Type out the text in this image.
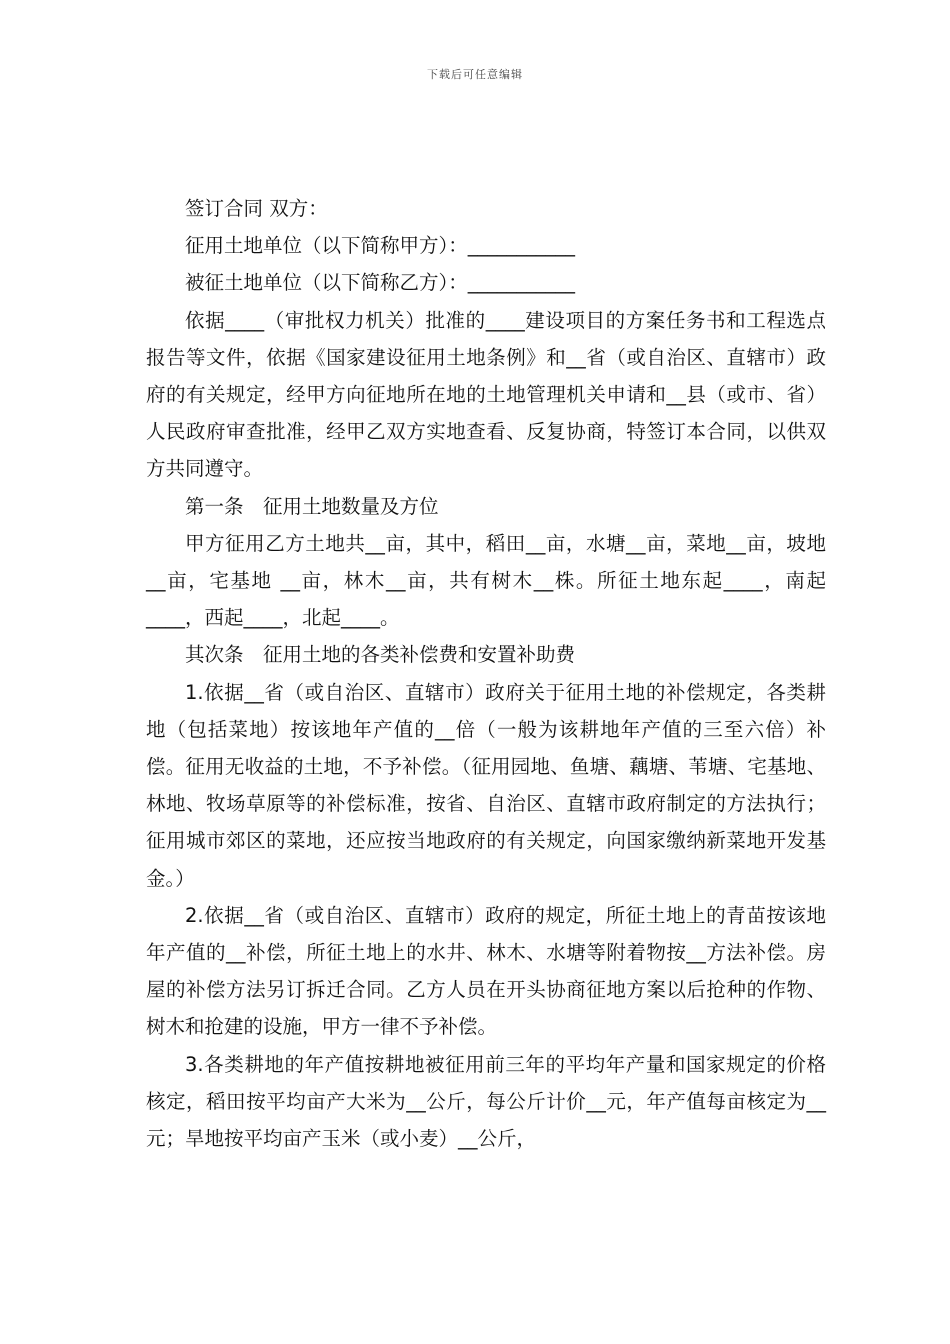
下载后可任意编辑

签订合同 双方：

征用土地单位（以下简称甲方）：___________

被征土地单位（以下简称乙方）：___________

依据____（审批权力机关）批准的____建设项目的方案任务书和工程选点报告等文件，依据《国家建设征用土地条例》和__省（或自治区、直辖市）政府的有关规定，经甲方向征地所在地的土地管理机关申请和__县（或市、省）人民政府审查批准，经甲乙双方实地查看、反复协商，特签订本合同，以供双方共同遵守。

第一条　征用土地数量及方位

甲方征用乙方土地共__亩，其中，稻田__亩，水塘__亩，菜地__亩，坡地__亩，宅基地 __亩，林木__亩，共有树木__株。所征土地东起____，南起____，西起____，北起____。

其次条　征用土地的各类补偿费和安置补助费

1.依据__省（或自治区、直辖市）政府关于征用土地的补偿规定，各类耕地（包括菜地）按该地年产值的__倍（一般为该耕地年产值的三至六倍）补偿。征用无收益的土地，不予补偿。（征用园地、鱼塘、藕塘、苇塘、宅基地、林地、牧场草原等的补偿标准，按省、自治区、直辖市政府制定的方法执行；征用城市郊区的菜地，还应按当地政府的有关规定，向国家缴纳新菜地开发基金。）

2.依据__省（或自治区、直辖市）政府的规定，所征土地上的青苗按该地年产值的__补偿，所征土地上的水井、林木、水塘等附着物按__方法补偿。房屋的补偿方法另订拆迁合同。乙方人员在开头协商征地方案以后抢种的作物、树木和抢建的设施，甲方一律不予补偿。

3.各类耕地的年产值按耕地被征用前三年的平均年产量和国家规定的价格核定，稻田按平均亩产大米为__公斤，每公斤计价__元，年产值每亩核定为__ 元；旱地按平均亩产玉米（或小麦）__公斤，
